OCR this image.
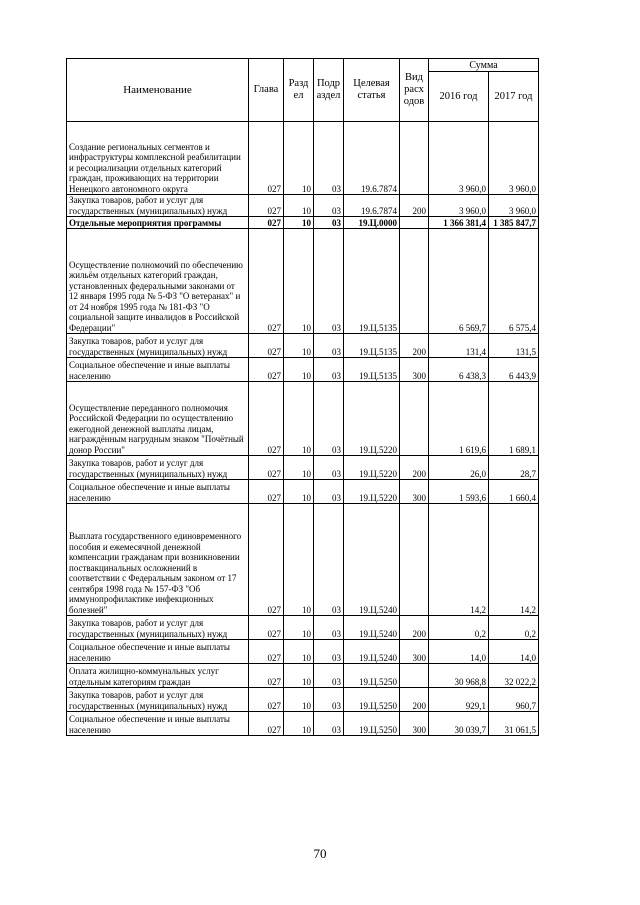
Наименование	Глава	Разд ел	Подр аздел	Целевая статья	Вид расх одов	Сумма	
						2016 год	2017 год
Создание региональных сегментов и инфраструктуры комплексной реабилитации и ресоциализации отдельных категорий граждан, проживающих на территории Ненецкого автономного округа	027	10	03	19.6.7874		3 960,0	3 960,0
Закупка товаров, работ и услуг для государственных (муниципальных) нужд	027	10	03	19.6.7874	200	3 960,0	3 960,0
Отдельные мероприятия программы	027	10	03	19.Ц.0000		1 366 381,4	1 385 847,7
Осуществление полномочий по обеспечению жильём отдельных категорий граждан, установленных федеральными законами от 12 января 1995 года № 5-ФЗ "О ветеранах" и от 24 ноября 1995 года № 181-ФЗ "О социальной защите инвалидов в Российской Федерации"	027	10	03	19.Ц.5135		6 569,7	6 575,4
Закупка товаров, работ и услуг для государственных (муниципальных) нужд	027	10	03	19.Ц.5135	200	131,4	131,5
Социальное обеспечение и иные выплаты населению	027	10	03	19.Ц.5135	300	6 438,3	6 443,9
Осуществление переданного полномочия Российской Федерации по осуществлению ежегодной денежной выплаты лицам, награждённым нагрудным знаком "Почётный донор России"	027	10	03	19.Ц.5220		1 619,6	1 689,1
Закупка товаров, работ и услуг для государственных (муниципальных) нужд	027	10	03	19.Ц.5220	200	26,0	28,7
Социальное обеспечение и иные выплаты населению	027	10	03	19.Ц.5220	300	1 593,6	1 660,4
Выплата государственного единовременного пособия и ежемесячной денежной компенсации гражданам при возникновении поствакцинальных осложнений в соответствии с Федеральным законом от 17 сентября 1998 года № 157-ФЗ "Об иммунопрофилактике инфекционных болезней"	027	10	03	19.Ц.5240		14,2	14,2
Закупка товаров, работ и услуг для государственных (муниципальных) нужд	027	10	03	19.Ц.5240	200	0,2	0,2
Социальное обеспечение и иные выплаты населению	027	10	03	19.Ц.5240	300	14,0	14,0
Оплата жилищно-коммунальных услуг отдельным категориям граждан	027	10	03	19.Ц.5250		30 968,8	32 022,2
Закупка товаров, работ и услуг для государственных (муниципальных) нужд	027	10	03	19.Ц.5250	200	929,1	960,7
Социальное обеспечение и иные выплаты населению	027	10	03	19.Ц.5250	300	30 039,7	31 061,5
70
